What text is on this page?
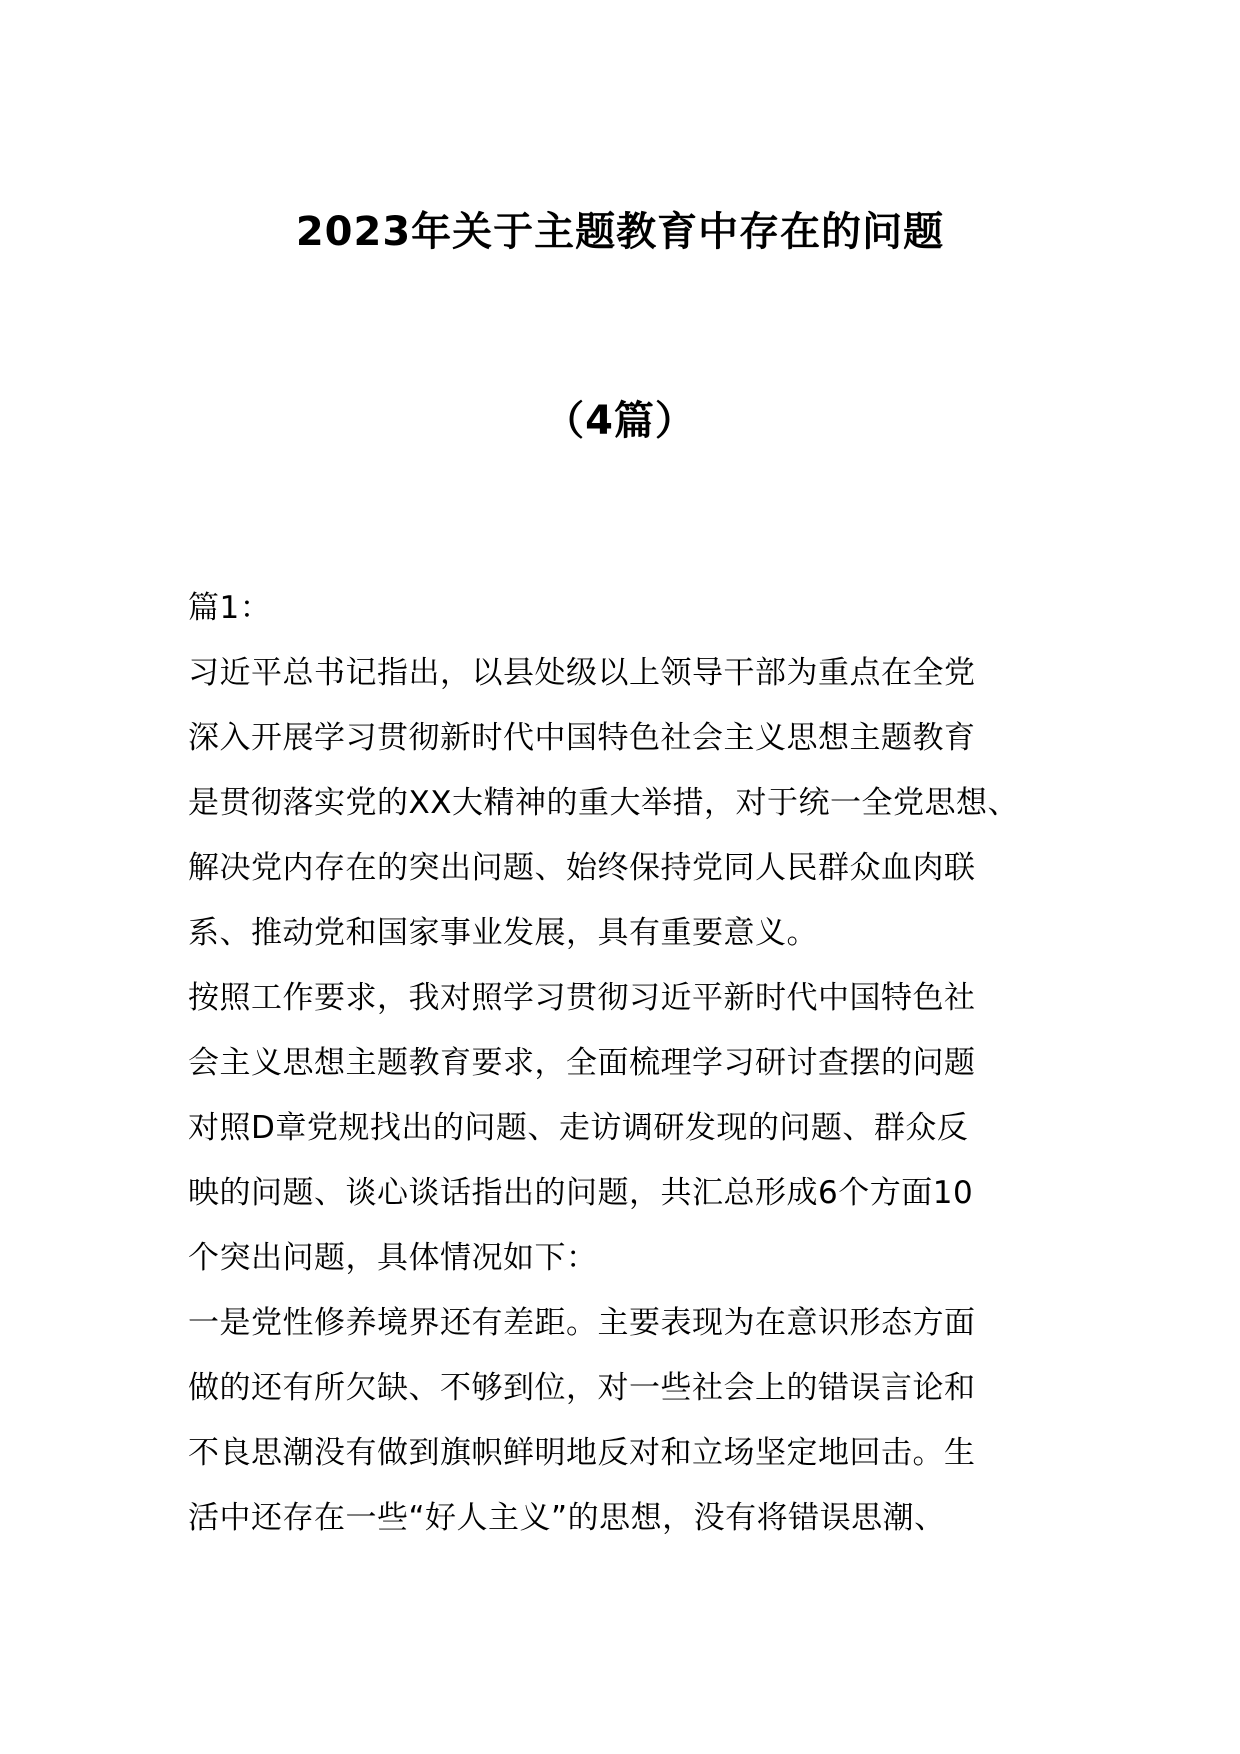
2023年关于主题教育中存在的问题
（4篇）
篇1：
习近平总书记指出，以县处级以上领导干部为重点在全党
深入开展学习贯彻新时代中国特色社会主义思想主题教育
是贯彻落实党的XX大精神的重大举措，对于统一全党思想、
解决党内存在的突出问题、始终保持党同人民群众血肉联
系、推动党和国家事业发展，具有重要意义。
按照工作要求，我对照学习贯彻习近平新时代中国特色社
会主义思想主题教育要求，全面梳理学习研讨查摆的问题
对照D章党规找出的问题、走访调研发现的问题、群众反
映的问题、谈心谈话指出的问题，共汇总形成6个方面10
个突出问题，具体情况如下：
一是党性修养境界还有差距。主要表现为在意识形态方面
做的还有所欠缺、不够到位，对一些社会上的错误言论和
不良思潮没有做到旗帜鲜明地反对和立场坚定地回击。生
活中还存在一些“好人主义”的思想，没有将错误思潮、
